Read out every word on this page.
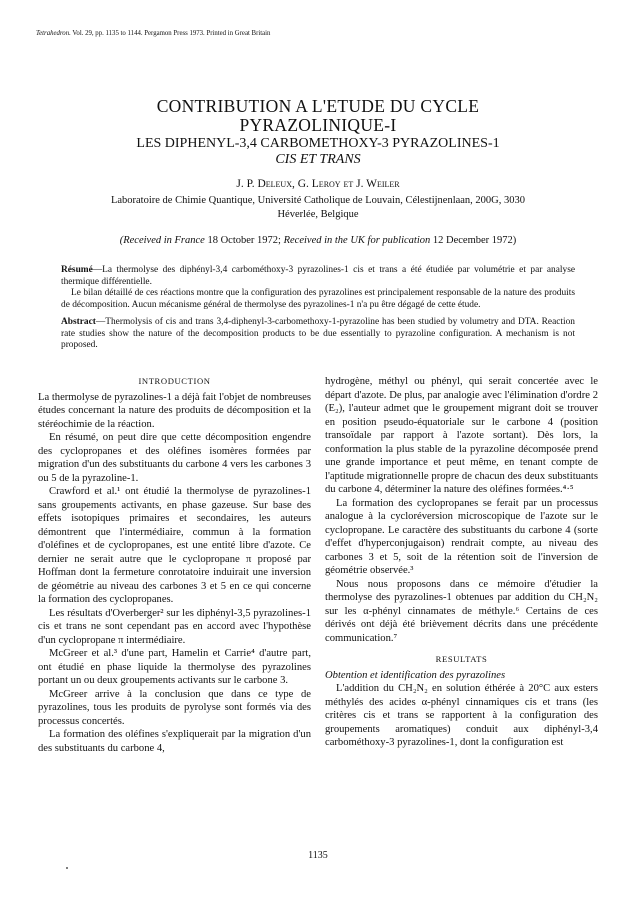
Tetrahedron. Vol. 29, pp. 1135 to 1144. Pergamon Press 1973. Printed in Great Britain
CONTRIBUTION A L'ETUDE DU CYCLE
PYRAZOLINIQUE-I
LES DIPHENYL-3,4 CARBOMETHOXY-3 PYRAZOLINES-1
CIS ET TRANS
J. P. Deleux, G. Leroy et J. Weiler
Laboratoire de Chimie Quantique, Université Catholique de Louvain, Célestijnenlaan, 200G, 3030
Héverlée, Belgique
(Received in France 18 October 1972; Received in the UK for publication 12 December 1972)

Résumé—La thermolyse des diphényl-3,4 carbométhoxy-3 pyrazolines-1 cis et trans a été étudiée par volumétrie et par analyse thermique différentielle.

Le bilan détaillé de ces réactions montre que la configuration des pyrazolines est principalement responsable de la nature des produits de décomposition. Aucun mécanisme général de thermolyse des pyrazolines-1 n'a pu être dégagé de cette étude.

Abstract—Thermolysis of cis and trans 3,4-diphenyl-3-carbomethoxy-1-pyrazoline has been studied by volumetry and DTA. Reaction rate studies show the nature of the decomposition products to be due essentially to pyrazoline configuration. A mechanism is not proposed.

INTRODUCTION

La thermolyse de pyrazolines-1 a déjà fait l'objet de nombreuses études concernant la nature des produits de décomposition et la stéréochimie de la réaction.

En résumé, on peut dire que cette décomposition engendre des cyclopropanes et des oléfines isomères formées par migration d'un des substituants du carbone 4 vers les carbones 3 ou 5 de la pyrazoline-1.

Crawford et al.¹ ont étudié la thermolyse de pyrazolines-1 sans groupements activants, en phase gazeuse. Sur base des effets isotopiques primaires et secondaires, les auteurs démontrent que l'intermédiaire, commun à la formation d'oléfines et de cyclopropanes, est une entité libre d'azote. Ce dernier ne serait autre que le cyclopropane π proposé par Hoffman dont la fermeture conrotatoire induirait une inversion de géométrie au niveau des carbones 3 et 5 en ce qui concerne la formation des cyclopropanes.

Les résultats d'Overberger² sur les diphényl-3,5 pyrazolines-1 cis et trans ne sont cependant pas en accord avec l'hypothèse d'un cyclopropane π intermédiaire.

McGreer et al.³ d'une part, Hamelin et Carrie⁴ d'autre part, ont étudié en phase liquide la thermolyse des pyrazolines portant un ou deux groupements activants sur le carbone 3.

McGreer arrive à la conclusion que dans ce type de pyrazolines, tous les produits de pyrolyse sont formés via des processus concertés.

La formation des oléfines s'expliquerait par la migration d'un des substituants du carbone 4,

hydrogène, méthyl ou phényl, qui serait concertée avec le départ d'azote. De plus, par analogie avec l'élimination d'ordre 2 (E₂), l'auteur admet que le groupement migrant doit se trouver en position pseudo-équatoriale sur le carbone 4 (position transoïdale par rapport à l'azote sortant). Dès lors, la conformation la plus stable de la pyrazoline décomposée prend une grande importance et peut même, en tenant compte de l'aptitude migrationnelle propre de chacun des deux substituants du carbone 4, déterminer la nature des oléfines formées.⁴·⁵

La formation des cyclopropanes se ferait par un processus analogue à la cycloréversion microscopique de l'azote sur le cyclopropane. Le caractère des substituants du carbone 4 (sorte d'effet d'hyperconjugaison) rendrait compte, au niveau des carbones 3 et 5, soit de la rétention soit de l'inversion de géométrie observée.³

Nous nous proposons dans ce mémoire d'étudier la thermolyse des pyrazolines-1 obtenues par addition du CH₂N₂ sur les α-phényl cinnamates de méthyle.⁶ Certains de ces dérivés ont déjà été brièvement décrits dans une précédente communication.⁷

RESULTATS

Obtention et identification des pyrazolines

L'addition du CH₂N₂ en solution éthérée à 20°C aux esters méthylés des acides α-phényl cinnamiques cis et trans (les critères cis et trans se rapportent à la configuration des groupements aromatiques) conduit aux diphényl-3,4 carbométhoxy-3 pyrazolines-1, dont la configuration est

1135
